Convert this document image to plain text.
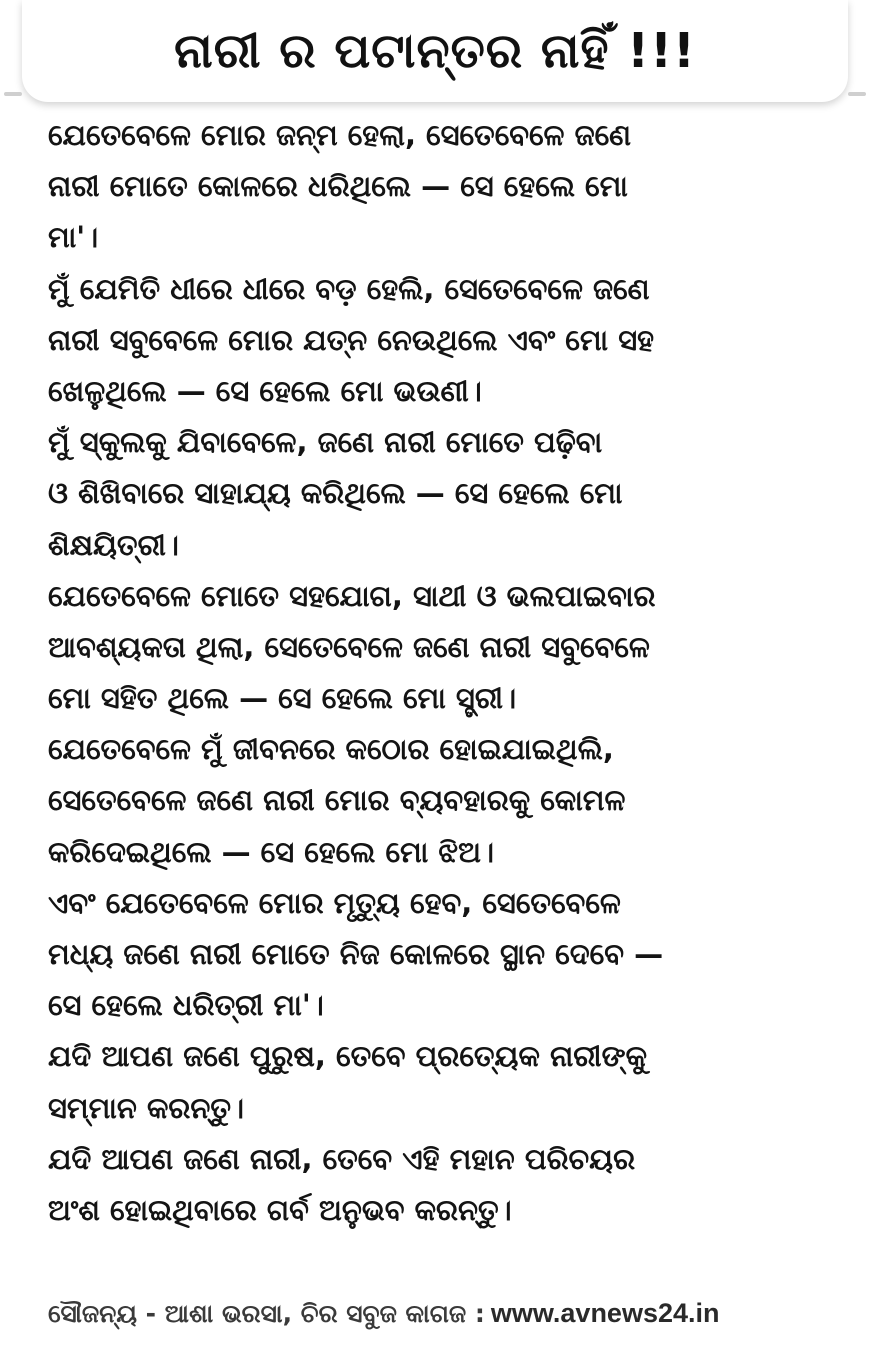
ନାରୀ ର ପଟାନ୍ତର ନାହିଁ !!!
ଯେତେବେଳେ ମୋର ଜନ୍ମ ହେଲା, ସେତେବେଳେ ଜଣେ
ନାରୀ ମୋତେ କୋଳରେ ଧରିଥିଲେ — ସେ ହେଲେ ମୋ
ମା'।
ମୁଁ ଯେମିତି ଧୀରେ ଧୀରେ ବଡ଼ ହେଲି, ସେତେବେଳେ ଜଣେ
ନାରୀ ସବୁବେଳେ ମୋର ଯତ୍ନ ନେଉଥିଲେ ଏବଂ ମୋ ସହ
ଖେଳୁଥିଲେ — ସେ ହେଲେ ମୋ ଭଉଣୀ।
ମୁଁ ସ୍କୁଲକୁ ଯିବାବେଳେ, ଜଣେ ନାରୀ ମୋତେ ପଢ଼ିବା
ଓ ଶିଖିବାରେ ସାହାଯ୍ୟ କରିଥିଲେ — ସେ ହେଲେ ମୋ
ଶିକ୍ଷୟିତ୍ରୀ।
ଯେତେବେଳେ ମୋତେ ସହଯୋଗ, ସାଥୀ ଓ ଭଲପାଇବାର
ଆବଶ୍ୟକତା ଥିଲା, ସେତେବେଳେ ଜଣେ ନାରୀ ସବୁବେଳେ
ମୋ ସହିତ ଥିଲେ — ସେ ହେଲେ ମୋ ସ୍ତ୍ରୀ।
ଯେତେବେଳେ ମୁଁ ଜୀବନରେ କଠୋର ହୋଇଯାଇଥିଲି,
ସେତେବେଳେ ଜଣେ ନାରୀ ମୋର ବ୍ୟବହାରକୁ କୋମଳ
କରିଦେଇଥିଲେ — ସେ ହେଲେ ମୋ ଝିଅ।
ଏବଂ ଯେତେବେଳେ ମୋର ମୃତ୍ୟୁ ହେବ, ସେତେବେଳେ
ମଧ୍ୟ ଜଣେ ନାରୀ ମୋତେ ନିଜ କୋଳରେ ସ୍ଥାନ ଦେବେ —
ସେ ହେଲେ ଧରିତ୍ରୀ ମା'।
ଯଦି ଆପଣ ଜଣେ ପୁରୁଷ, ତେବେ ପ୍ରତ୍ୟେକ ନାରୀଙ୍କୁ
ସମ୍ମାନ କରନ୍ତୁ।
ଯଦି ଆପଣ ଜଣେ ନାରୀ, ତେବେ ଏହି ମହାନ ପରିଚୟର
ଅଂଶ ହୋଇଥିବାରେ ଗର୍ବ ଅନୁଭବ କରନ୍ତୁ।
ସୌଜନ୍ୟ - ଆଶା ଭରସା, ଚିର ସବୁଜ କାଗଜ : www.avnews24.in
